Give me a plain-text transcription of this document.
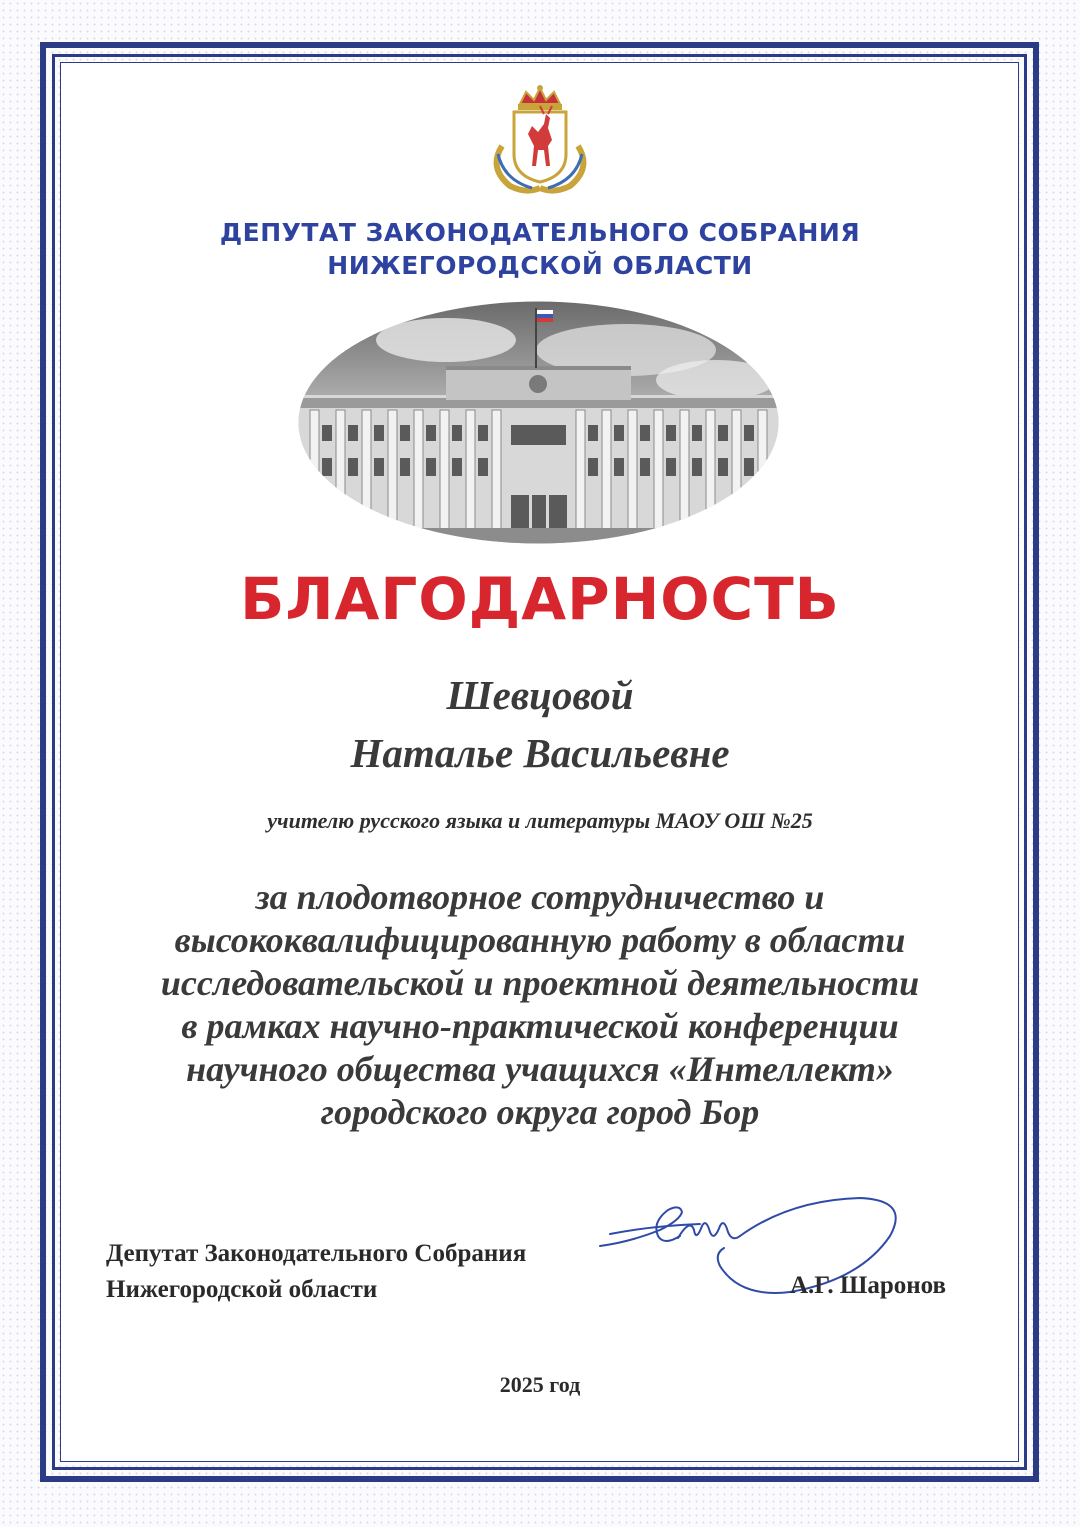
ДЕПУТАТ ЗАКОНОДАТЕЛЬНОГО СОБРАНИЯ
НИЖЕГОРОДСКОЙ ОБЛАСТИ
БЛАГОДАРНОСТЬ
Шевцовой
Наталье Васильевне
учителю русского языка и литературы МАОУ ОШ №25
за плодотворное сотрудничество и
высококвалифицированную работу в области
исследовательской и проектной деятельности
в рамках научно-практической конференции
научного общества учащихся «Интеллект»
городского округа город Бор
Депутат Законодательного Собрания
Нижегородской области	А.Г. Шаронов
2025 год
